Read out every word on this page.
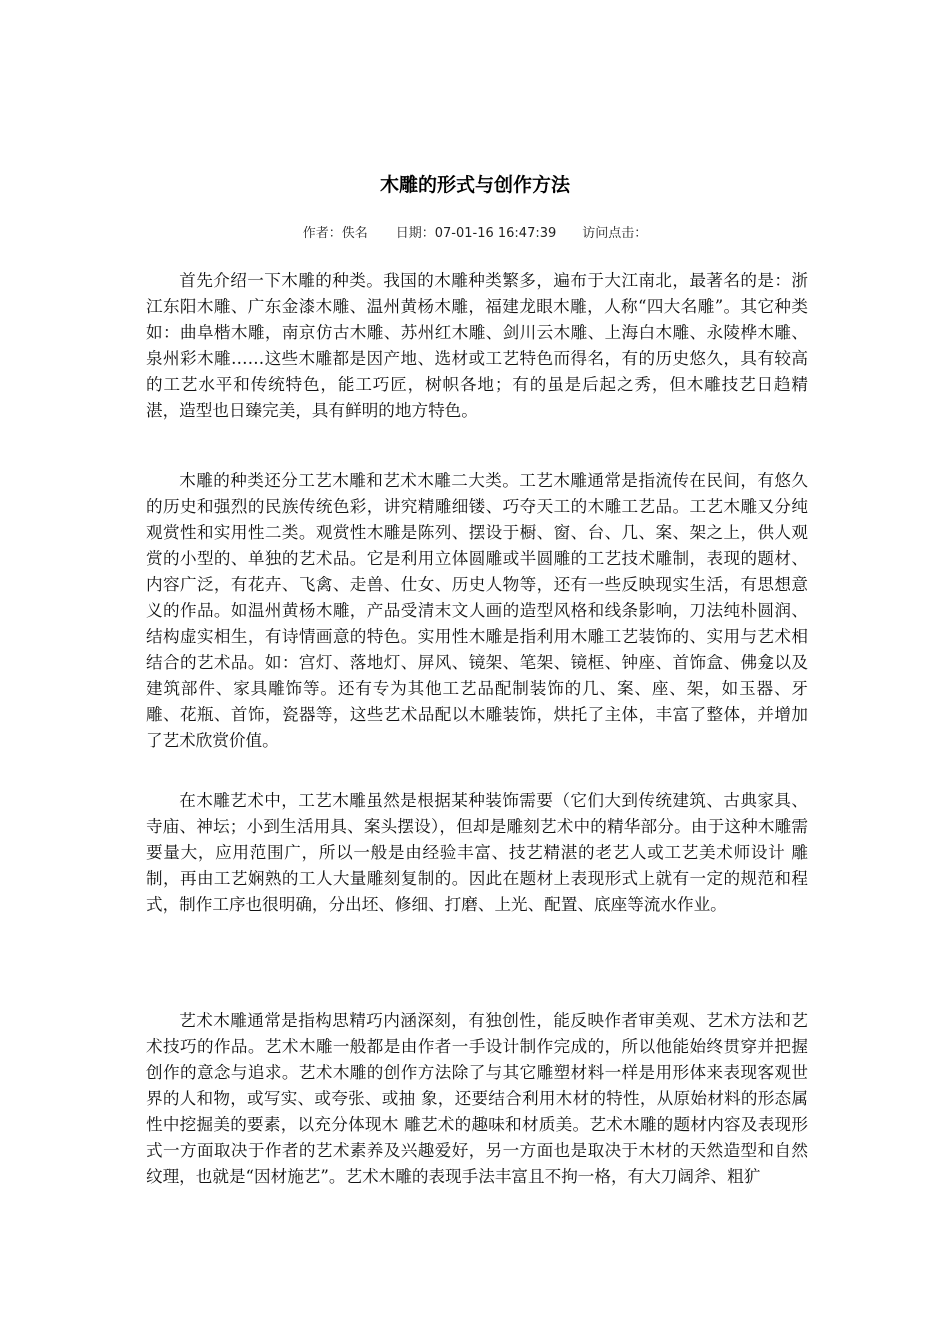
木雕的形式与创作方法
作者：佚名 日期：07-01-16 16:47:39 访问点击：

首先介绍一下木雕的种类。我国的木雕种类繁多，遍布于大江南北，最著名的是：浙江东阳木雕、广东金漆木雕、温州黄杨木雕，福建龙眼木雕，人称“四大名雕”。其它种类如：曲阜楷木雕，南京仿古木雕、苏州红木雕、剑川云木雕、上海白木雕、永陵桦木雕、泉州彩木雕……这些木雕都是因产地、选材或工艺特色而得名，有的历史悠久，具有较高的工艺水平和传统特色，能工巧匠，树帜各地；有的虽是后起之秀，但木雕技艺日趋精湛，造型也日臻完美，具有鲜明的地方特色。

木雕的种类还分工艺木雕和艺术木雕二大类。工艺木雕通常是指流传在民间，有悠久的历史和强烈的民族传统色彩，讲究精雕细镂、巧夺天工的木雕工艺品。工艺木雕又分纯观赏性和实用性二类。观赏性木雕是陈列、摆设于橱、窗、台、几、案、架之上，供人观赏的小型的、单独的艺术品。它是利用立体圆雕或半圆雕的工艺技术雕制，表现的题材、内容广泛，有花卉、飞禽、走兽、仕女、历史人物等，还有一些反映现实生活，有思想意义的作品。如温州黄杨木雕，产品受清末文人画的造型风格和线条影响，刀法纯朴圆润、结构虚实相生，有诗情画意的特色。实用性木雕是指利用木雕工艺装饰的、实用与艺术相结合的艺术品。如：宫灯、落地灯、屏风、镜架、笔架、镜框、钟座、首饰盒、佛龛以及建筑部件、家具雕饰等。还有专为其他工艺品配制装饰的几、案、座、架，如玉器、牙雕、花瓶、首饰，瓷器等，这些艺术品配以木雕装饰，烘托了主体，丰富了整体，并增加了艺术欣赏价值。

在木雕艺术中，工艺木雕虽然是根据某种装饰需要（它们大到传统建筑、古典家具、寺庙、神坛；小到生活用具、案头摆设），但却是雕刻艺术中的精华部分。由于这种木雕需要量大，应用范围广，所以一般是由经验丰富、技艺精湛的老艺人或工艺美术师设计 雕制，再由工艺娴熟的工人大量雕刻复制的。因此在题材上表现形式上就有一定的规范和程式，制作工序也很明确，分出坯、修细、打磨、上光、配置、底座等流水作业。

艺术木雕通常是指构思精巧内涵深刻，有独创性，能反映作者审美观、艺术方法和艺术技巧的作品。艺术木雕一般都是由作者一手设计制作完成的，所以他能始终贯穿并把握创作的意念与追求。艺术木雕的创作方法除了与其它雕塑材料一样是用形体来表现客观世界的人和物，或写实、或夸张、或抽 象，还要结合利用木材的特性，从原始材料的形态属性中挖掘美的要素，以充分体现木 雕艺术的趣味和材质美。艺术木雕的题材内容及表现形式一方面取决于作者的艺术素养及兴趣爱好，另一方面也是取决于木材的天然造型和自然纹理，也就是“因材施艺”。艺术木雕的表现手法丰富且不拘一格，有大刀阔斧、粗犷
